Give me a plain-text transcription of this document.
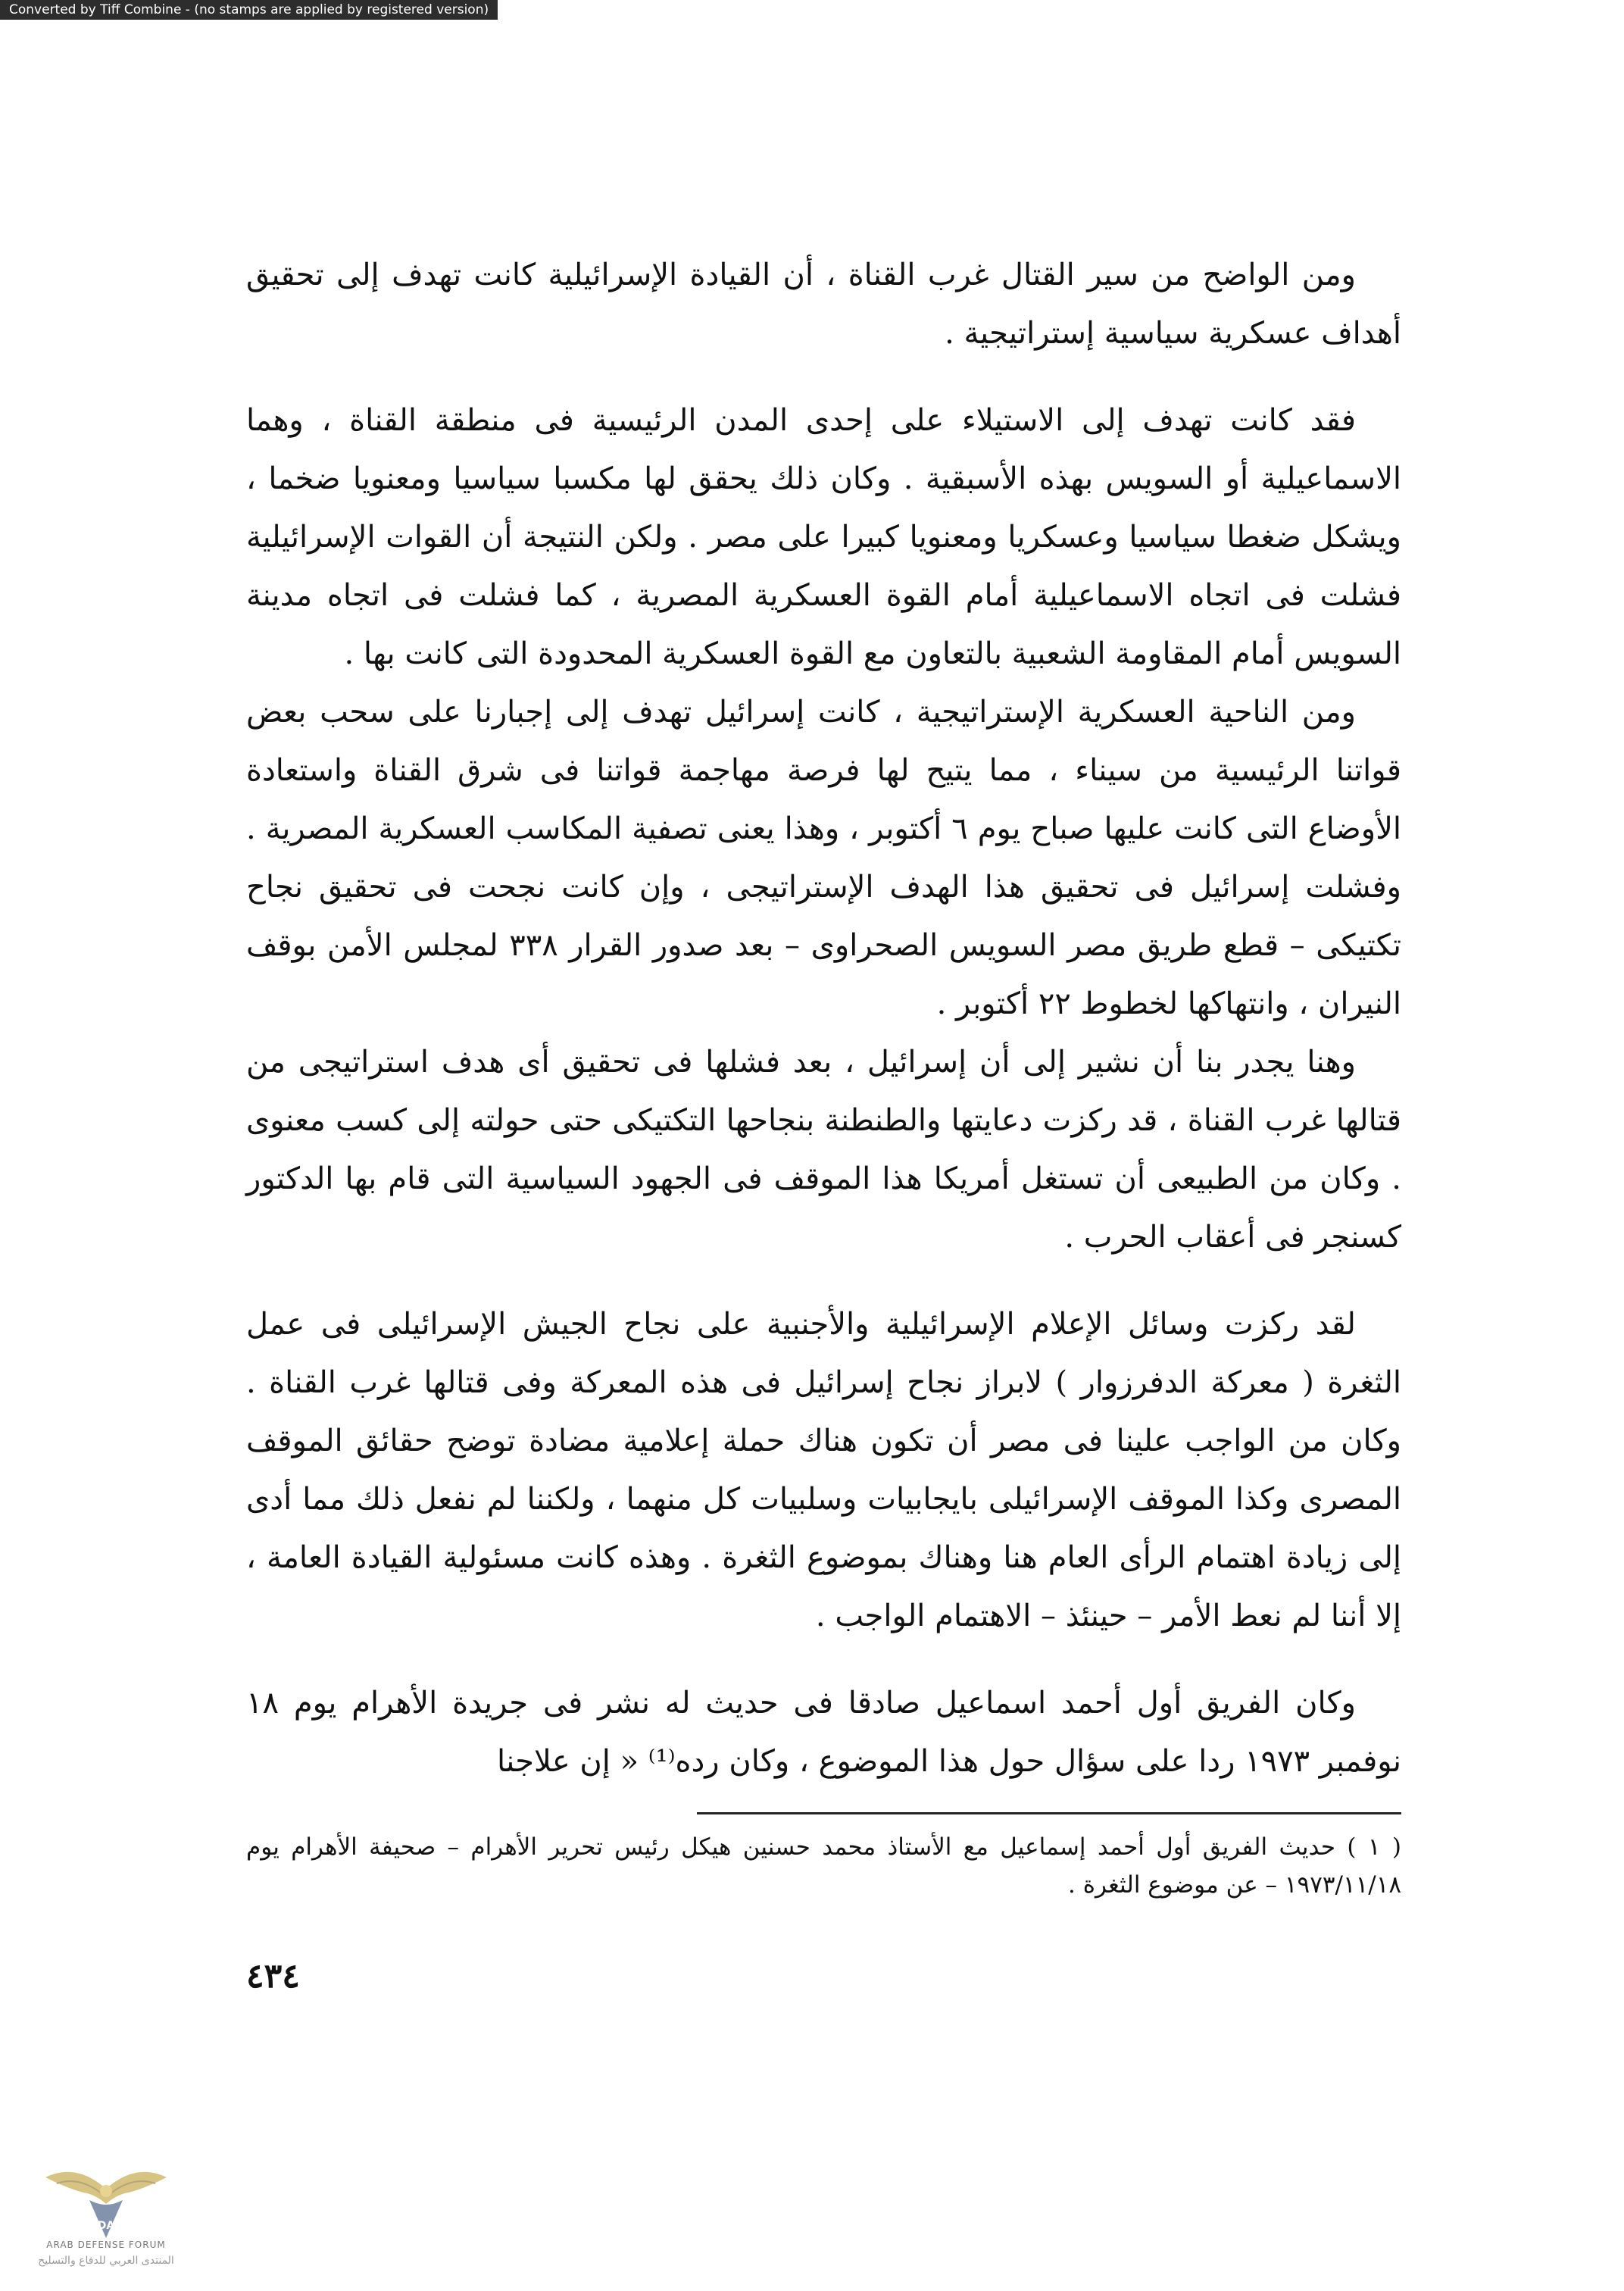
Converted by Tiff Combine - (no stamps are applied by registered version)

ومن الواضح من سير القتال غرب القناة ، أن القيادة الإسرائيلية كانت تهدف إلى تحقيق أهداف عسكرية سياسية إستراتيجية .

فقد كانت تهدف إلى الاستيلاء على إحدى المدن الرئيسية فى منطقة القناة ، وهما الاسماعيلية أو السويس بهذه الأسبقية . وكان ذلك يحقق لها مكسبا سياسيا ومعنويا ضخما ، ويشكل ضغطا سياسيا وعسكريا ومعنويا كبيرا على مصر . ولكن النتيجة أن القوات الإسرائيلية فشلت فى اتجاه الاسماعيلية أمام القوة العسكرية المصرية ، كما فشلت فى اتجاه مدينة السويس أمام المقاومة الشعبية بالتعاون مع القوة العسكرية المحدودة التى كانت بها .

ومن الناحية العسكرية الإستراتيجية ، كانت إسرائيل تهدف إلى إجبارنا على سحب بعض قواتنا الرئيسية من سيناء ، مما يتيح لها فرصة مهاجمة قواتنا فى شرق القناة واستعادة الأوضاع التى كانت عليها صباح يوم ٦ أكتوبر ، وهذا يعنى تصفية المكاسب العسكرية المصرية . وفشلت إسرائيل فى تحقيق هذا الهدف الإستراتيجى ، وإن كانت نجحت فى تحقيق نجاح تكتيكى – قطع طريق مصر السويس الصحراوى – بعد صدور القرار ٣٣٨ لمجلس الأمن بوقف النيران ، وانتهاكها لخطوط ٢٢ أكتوبر .

وهنا يجدر بنا أن نشير إلى أن إسرائيل ، بعد فشلها فى تحقيق أى هدف استراتيجى من قتالها غرب القناة ، قد ركزت دعايتها والطنطنة بنجاحها التكتيكى حتى حولته إلى كسب معنوى . وكان من الطبيعى أن تستغل أمريكا هذا الموقف فى الجهود السياسية التى قام بها الدكتور كسنجر فى أعقاب الحرب .

لقد ركزت وسائل الإعلام الإسرائيلية والأجنبية على نجاح الجيش الإسرائيلى فى عمل الثغرة ( معركة الدفرزوار ) لابراز نجاح إسرائيل فى هذه المعركة وفى قتالها غرب القناة . وكان من الواجب علينا فى مصر أن تكون هناك حملة إعلامية مضادة توضح حقائق الموقف المصرى وكذا الموقف الإسرائيلى بايجابيات وسلبيات كل منهما ، ولكننا لم نفعل ذلك مما أدى إلى زيادة اهتمام الرأى العام هنا وهناك بموضوع الثغرة . وهذه كانت مسئولية القيادة العامة ، إلا أننا لم نعط الأمر – حينئذ – الاهتمام الواجب .

وكان الفريق أول أحمد اسماعيل صادقا فى حديث له نشر فى جريدة الأهرام يوم ١٨ نوفمبر ١٩٧٣ ردا على سؤال حول هذا الموضوع ، وكان رده⁽¹⁾ « إن علاجنا

( ١ ) حديث الفريق أول أحمد إسماعيل مع الأستاذ محمد حسنين هيكل رئيس تحرير الأهرام – صحيفة الأهرام يوم ١٩٧٣/١١/١٨ – عن موضوع الثغرة .

٤٣٤
DA
ARAB DEFENSE FORUM
المنتدى العربي للدفاع والتسليح
